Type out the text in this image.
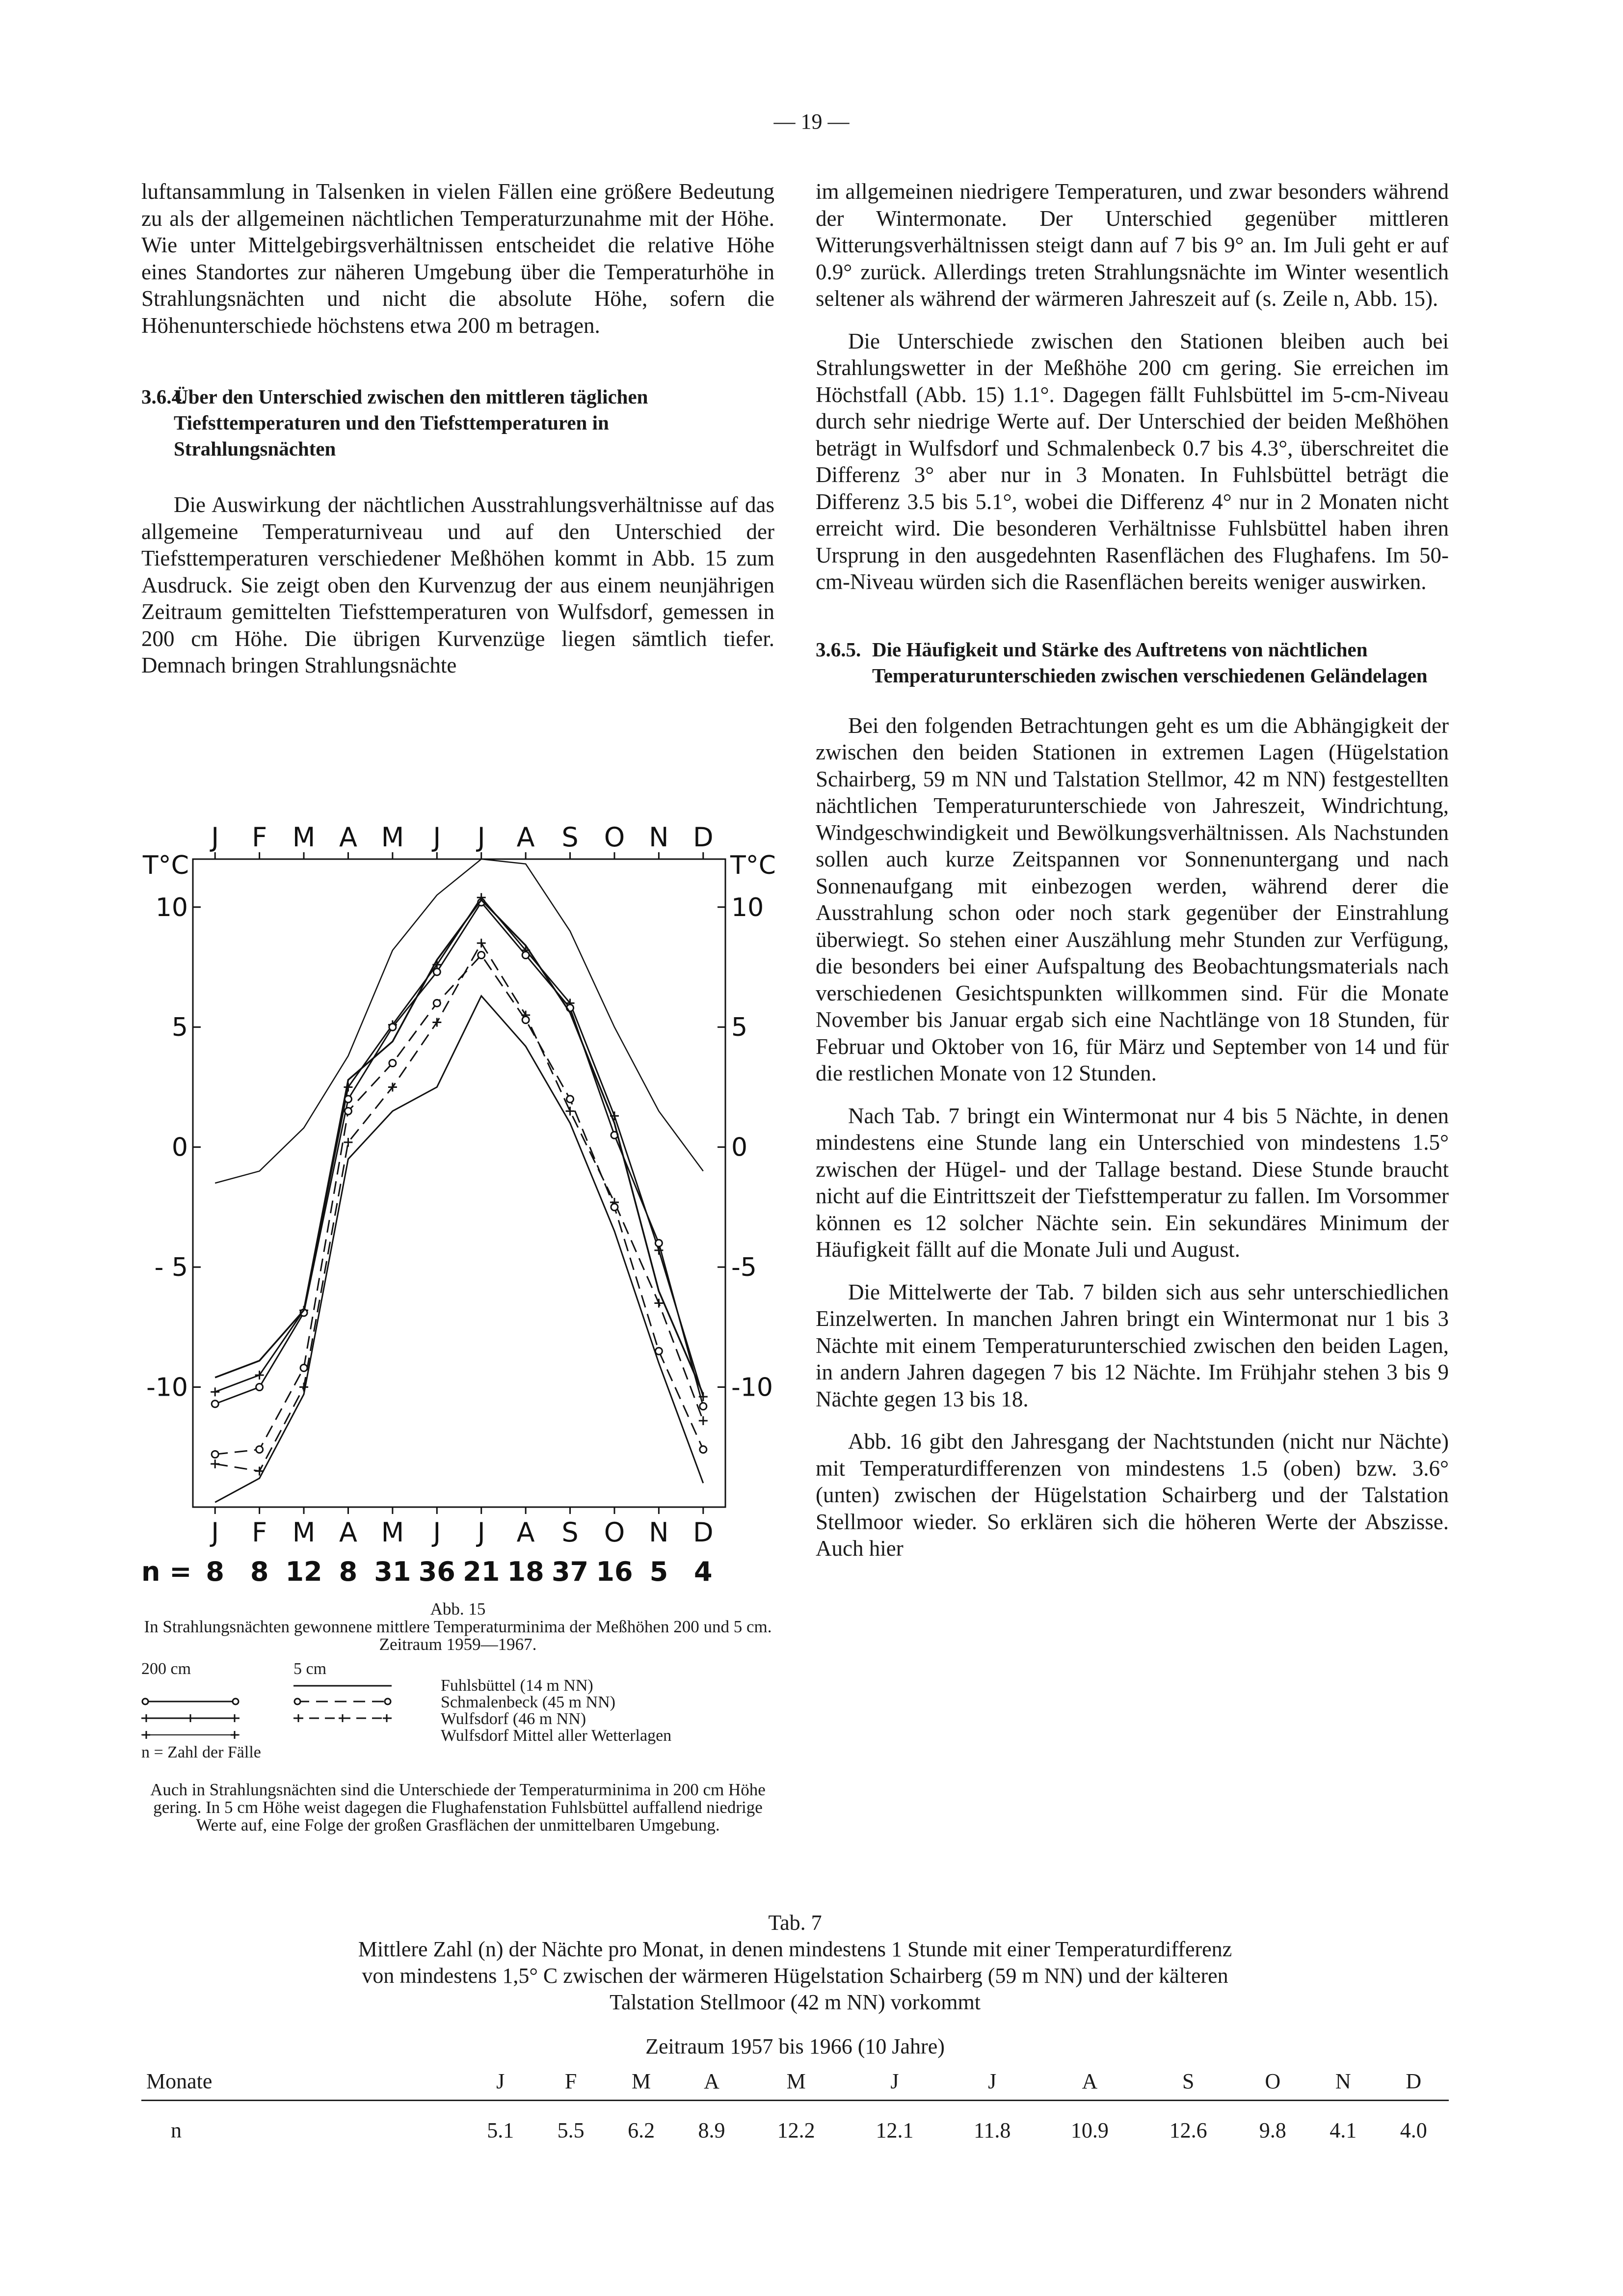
— 19 —

luftansammlung in Talsenken in vielen Fällen eine größere Bedeutung zu als der allgemeinen nächtlichen Temperaturzunahme mit der Höhe. Wie unter Mittelgebirgsverhältnissen entscheidet die relative Höhe eines Standortes zur näheren Umgebung über die Temperaturhöhe in Strahlungsnächten und nicht die absolute Höhe, sofern die Höhenunterschiede höchstens etwa 200 m betragen.

3.6.4.
Über den Unterschied zwischen den mittleren täglichen Tiefsttemperaturen und den Tiefsttemperaturen in Strahlungsnächten

Die Auswirkung der nächtlichen Ausstrahlungsverhältnisse auf das allgemeine Temperaturniveau und auf den Unterschied der Tiefsttemperaturen verschiedener Meßhöhen kommt in Abb. 15 zum Ausdruck. Sie zeigt oben den Kurvenzug der aus einem neunjährigen Zeitraum gemittelten Tiefsttemperaturen von Wulfsdorf, gemessen in 200 cm Höhe. Die übrigen Kurvenzüge liegen sämtlich tiefer. Demnach bringen Strahlungsnächte

im allgemeinen niedrigere Temperaturen, und zwar besonders während der Wintermonate. Der Unterschied gegenüber mittleren Witterungsverhältnissen steigt dann auf 7 bis 9° an. Im Juli geht er auf 0.9° zurück. Allerdings treten Strahlungsnächte im Winter wesentlich seltener als während der wärmeren Jahreszeit auf (s. Zeile n, Abb. 15).

Die Unterschiede zwischen den Stationen bleiben auch bei Strahlungswetter in der Meßhöhe 200 cm gering. Sie erreichen im Höchstfall (Abb. 15) 1.1°. Dagegen fällt Fuhlsbüttel im 5-cm-Niveau durch sehr niedrige Werte auf. Der Unterschied der beiden Meßhöhen beträgt in Wulfsdorf und Schmalenbeck 0.7 bis 4.3°, überschreitet die Differenz 3° aber nur in 3 Monaten. In Fuhlsbüttel beträgt die Differenz 3.5 bis 5.1°, wobei die Differenz 4° nur in 2 Monaten nicht erreicht wird. Die besonderen Verhältnisse Fuhlsbüttel haben ihren Ursprung in den ausgedehnten Rasenflächen des Flughafens. Im 50-cm-Niveau würden sich die Rasenflächen bereits weniger auswirken.

3.6.5. Die Häufigkeit und Stärke des Auftretens von nächtlichen Temperaturunterschieden zwischen verschiedenen Geländelagen

Bei den folgenden Betrachtungen geht es um die Abhängigkeit der zwischen den beiden Stationen in extremen Lagen (Hügelstation Schairberg, 59 m NN und Talstation Stellmor, 42 m NN) festgestellten nächtlichen Temperaturunterschiede von Jahreszeit, Windrichtung, Windgeschwindigkeit und Bewölkungsverhältnissen. Als Nachstunden sollen auch kurze Zeitspannen vor Sonnenuntergang und nach Sonnenaufgang mit einbezogen werden, während derer die Ausstrahlung schon oder noch stark gegenüber der Einstrahlung überwiegt. So stehen einer Auszählung mehr Stunden zur Verfügung, die besonders bei einer Aufspaltung des Beobachtungsmaterials nach verschiedenen Gesichtspunkten willkommen sind. Für die Monate November bis Januar ergab sich eine Nachtlänge von 18 Stunden, für Februar und Oktober von 16, für März und September von 14 und für die restlichen Monate von 12 Stunden.

Nach Tab. 7 bringt ein Wintermonat nur 4 bis 5 Nächte, in denen mindestens eine Stunde lang ein Unterschied von mindestens 1.5° zwischen der Hügel- und der Tallage bestand. Diese Stunde braucht nicht auf die Eintrittszeit der Tiefsttemperatur zu fallen. Im Vorsommer können es 12 solcher Nächte sein. Ein sekundäres Minimum der Häufigkeit fällt auf die Monate Juli und August.

Die Mittelwerte der Tab. 7 bilden sich aus sehr unterschiedlichen Einzelwerten. In manchen Jahren bringt ein Wintermonat nur 1 bis 3 Nächte mit einem Temperaturunterschied zwischen den beiden Lagen, in andern Jahren dagegen 7 bis 12 Nächte. Im Frühjahr stehen 3 bis 9 Nächte gegen 13 bis 18.

Abb. 16 gibt den Jahresgang der Nachtstunden (nicht nur Nächte) mit Temperaturdifferenzen von mindestens 1.5 (oben) bzw. 3.6° (unten) zwischen der Hügelstation Schairberg und der Talstation Stellmoor wieder. So erklären sich die höheren Werte der Abszisse. Auch hier

J
J
8
F
F
8
M
M
12
A
A
8
M
M
31
J
J
36
J
J
21
A
A
18
S
S
37
O
O
16
N
N
5
D
D
4
n =
10	10
5	5
0	0
- 5	-5
-10	-10
T°C	T°C
Abb. 15
In Strahlungsnächten gewonnene mittlere Temperaturminima der Meßhöhen 200 und 5 cm. Zeitraum 1959—1967.
200 cm	5 cm
Fuhlsbüttel (14 m NN)
Schmalenbeck (45 m NN)
Wulfsdorf (46 m NN)
Wulfsdorf Mittel aller Wetterlagen
n = Zahl der Fälle
Auch in Strahlungsnächten sind die Unterschiede der Temperaturminima in 200 cm Höhe gering. In 5 cm Höhe weist dagegen die Flughafenstation Fuhlsbüttel auffallend niedrige Werte auf, eine Folge der großen Grasflächen der unmittelbaren Umgebung.
Tab. 7
Mittlere Zahl (n) der Nächte pro Monat, in denen mindestens 1 Stunde mit einer Temperaturdifferenz
von mindestens 1,5° C zwischen der wärmeren Hügelstation Schairberg (59 m NN) und der kälteren
Talstation Stellmoor (42 m NN) vorkommt
Zeitraum 1957 bis 1966 (10 Jahre)
Monate	J	F	M	A	M	J	J	A	S	O	N	D
n	5.1	5.5	6.2	8.9	12.2	12.1	11.8	10.9	12.6	9.8	4.1	4.0
